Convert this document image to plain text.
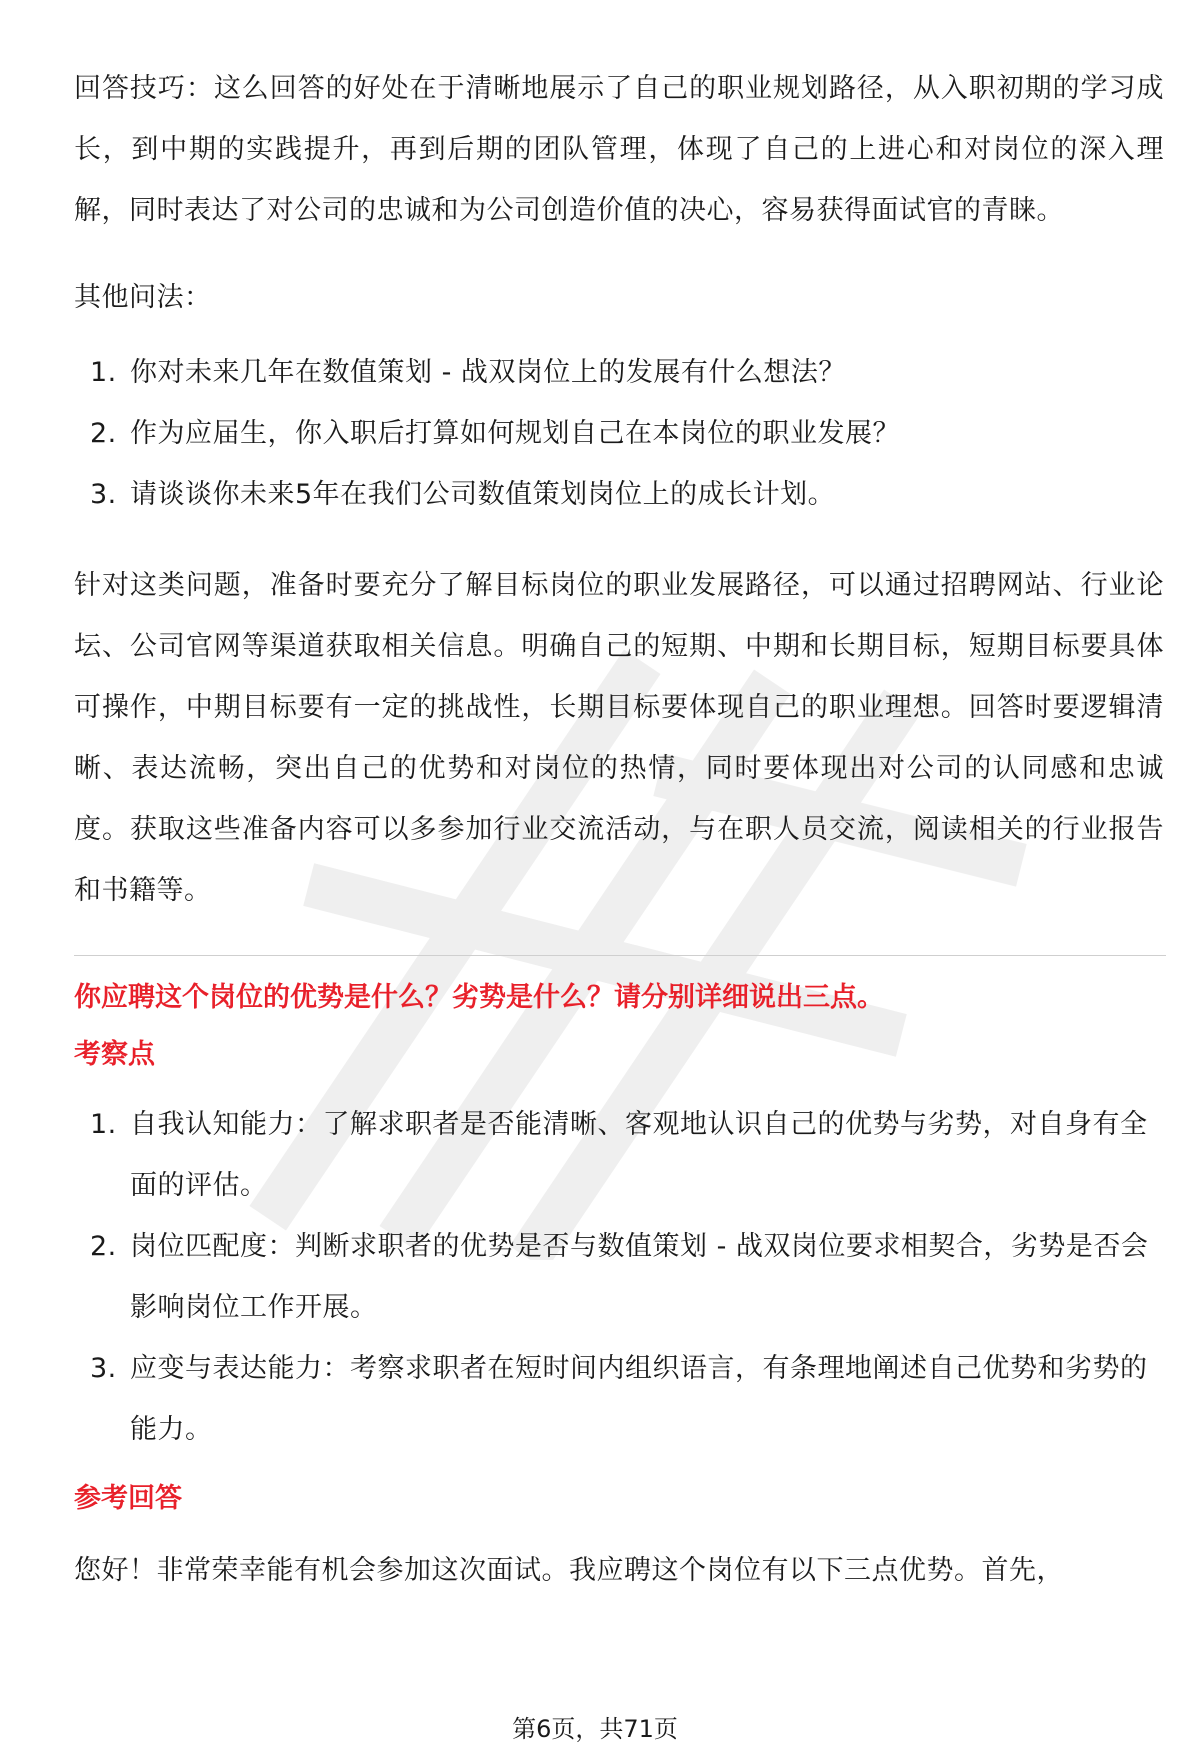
回答技巧：这么回答的好处在于清晰地展示了自己的职业规划路径，从入职初期的学习成长，到中期的实践提升，再到后期的团队管理，体现了自己的上进心和对岗位的深入理解，同时表达了对公司的忠诚和为公司创造价值的决心，容易获得面试官的青睐。

其他问法：

1. 你对未来几年在数值策划 - 战双岗位上的发展有什么想法？
2. 作为应届生，你入职后打算如何规划自己在本岗位的职业发展？
3. 请谈谈你未来5年在我们公司数值策划岗位上的成长计划。

针对这类问题，准备时要充分了解目标岗位的职业发展路径，可以通过招聘网站、行业论坛、公司官网等渠道获取相关信息。明确自己的短期、中期和长期目标，短期目标要具体可操作，中期目标要有一定的挑战性，长期目标要体现自己的职业理想。回答时要逻辑清晰、表达流畅，突出自己的优势和对岗位的热情，同时要体现出对公司的认同感和忠诚度。获取这些准备内容可以多参加行业交流活动，与在职人员交流，阅读相关的行业报告和书籍等。

你应聘这个岗位的优势是什么？劣势是什么？请分别详细说出三点。

考察点

1. 自我认知能力：了解求职者是否能清晰、客观地认识自己的优势与劣势，对自身有全面的评估。
2. 岗位匹配度：判断求职者的优势是否与数值策划 - 战双岗位要求相契合，劣势是否会影响岗位工作开展。
3. 应变与表达能力：考察求职者在短时间内组织语言，有条理地阐述自己优势和劣势的能力。

参考回答

您好！非常荣幸能有机会参加这次面试。我应聘这个岗位有以下三点优势。首先，

第6页，共71页
